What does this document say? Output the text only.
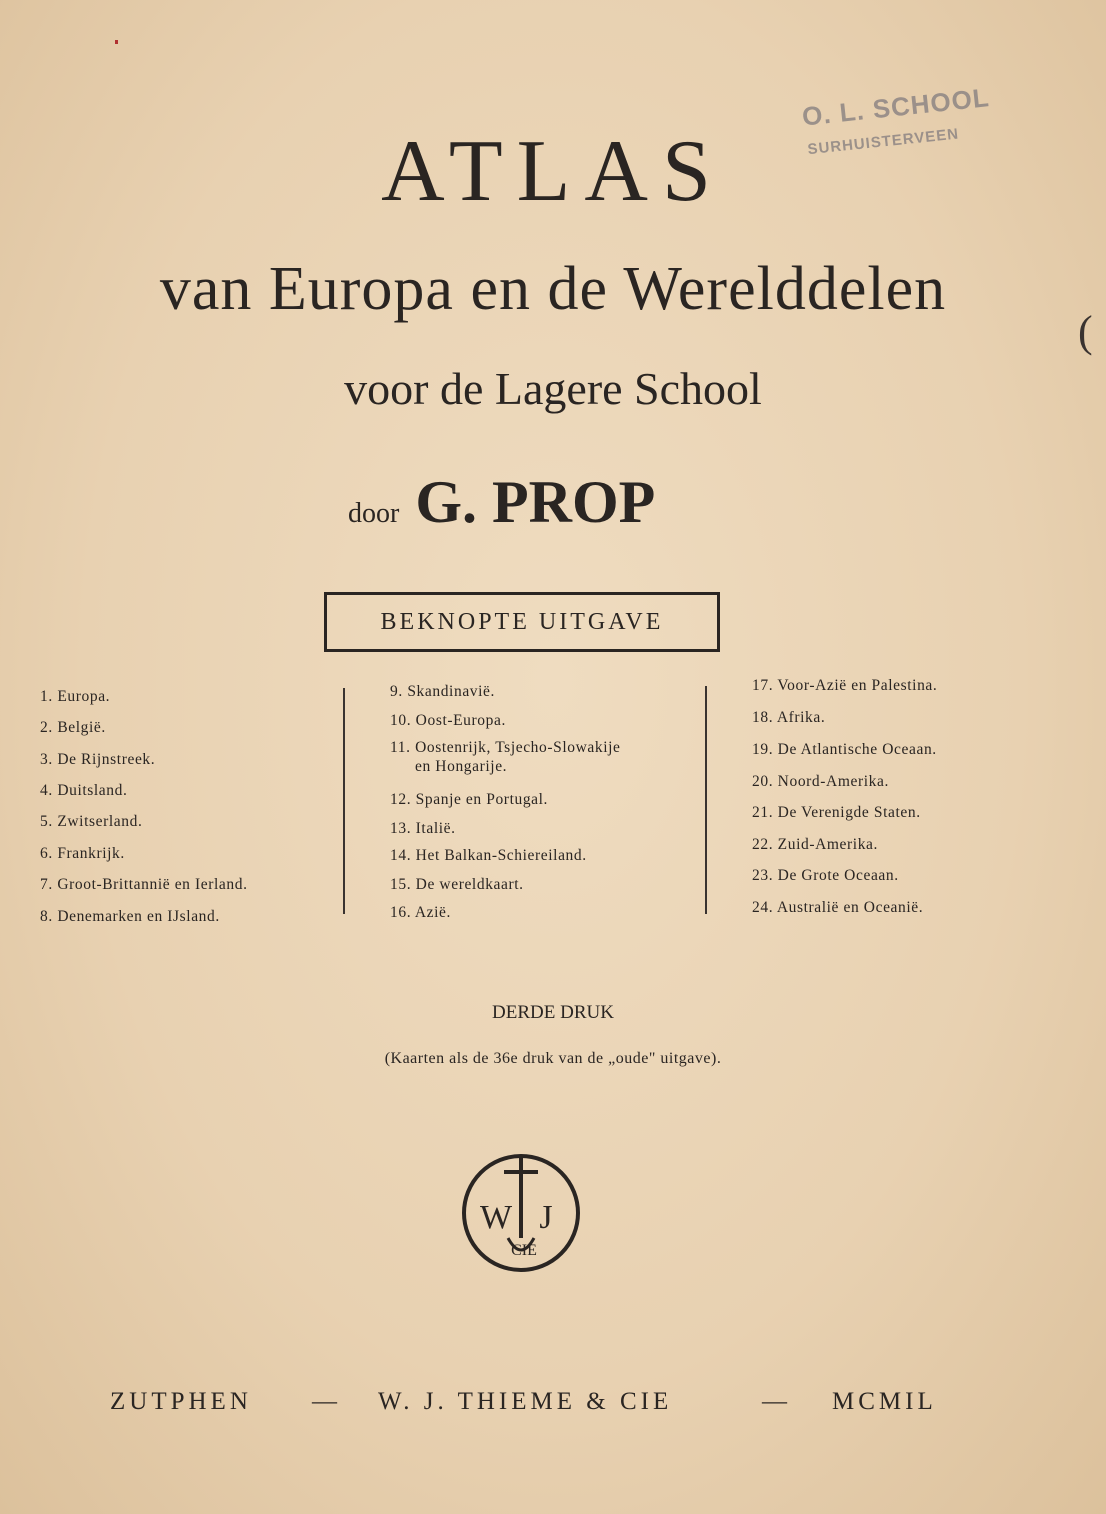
O. L. SCHOOL
SURHUISTERVEEN
ATLAS
van Europa en de Werelddelen
voor de Lagere School
door G. PROP
BEKNOPTE UITGAVE
1. Europa.
2. België.
3. De Rijnstreek.
4. Duitsland.
5. Zwitserland.
6. Frankrijk.
7. Groot-Brittannië en Ierland.
8. Denemarken en IJsland.
9. Skandinavië.
10. Oost-Europa.
11. Oostenrijk, Tsjecho-Slowakije
en Hongarije.
12. Spanje en Portugal.
13. Italië.
14. Het Balkan-Schiereiland.
15. De wereldkaart.
16. Azië.
17. Voor-Azië en Palestina.
18. Afrika.
19. De Atlantische Oceaan.
20. Noord-Amerika.
21. De Verenigde Staten.
22. Zuid-Amerika.
23. De Grote Oceaan.
24. Australië en Oceanië.
DERDE DRUK
(Kaarten als de 36e druk van de „oude" uitgave).
W J
CIE
ZUTPHEN — W. J. THIEME & CIE	— MCMIL
(
